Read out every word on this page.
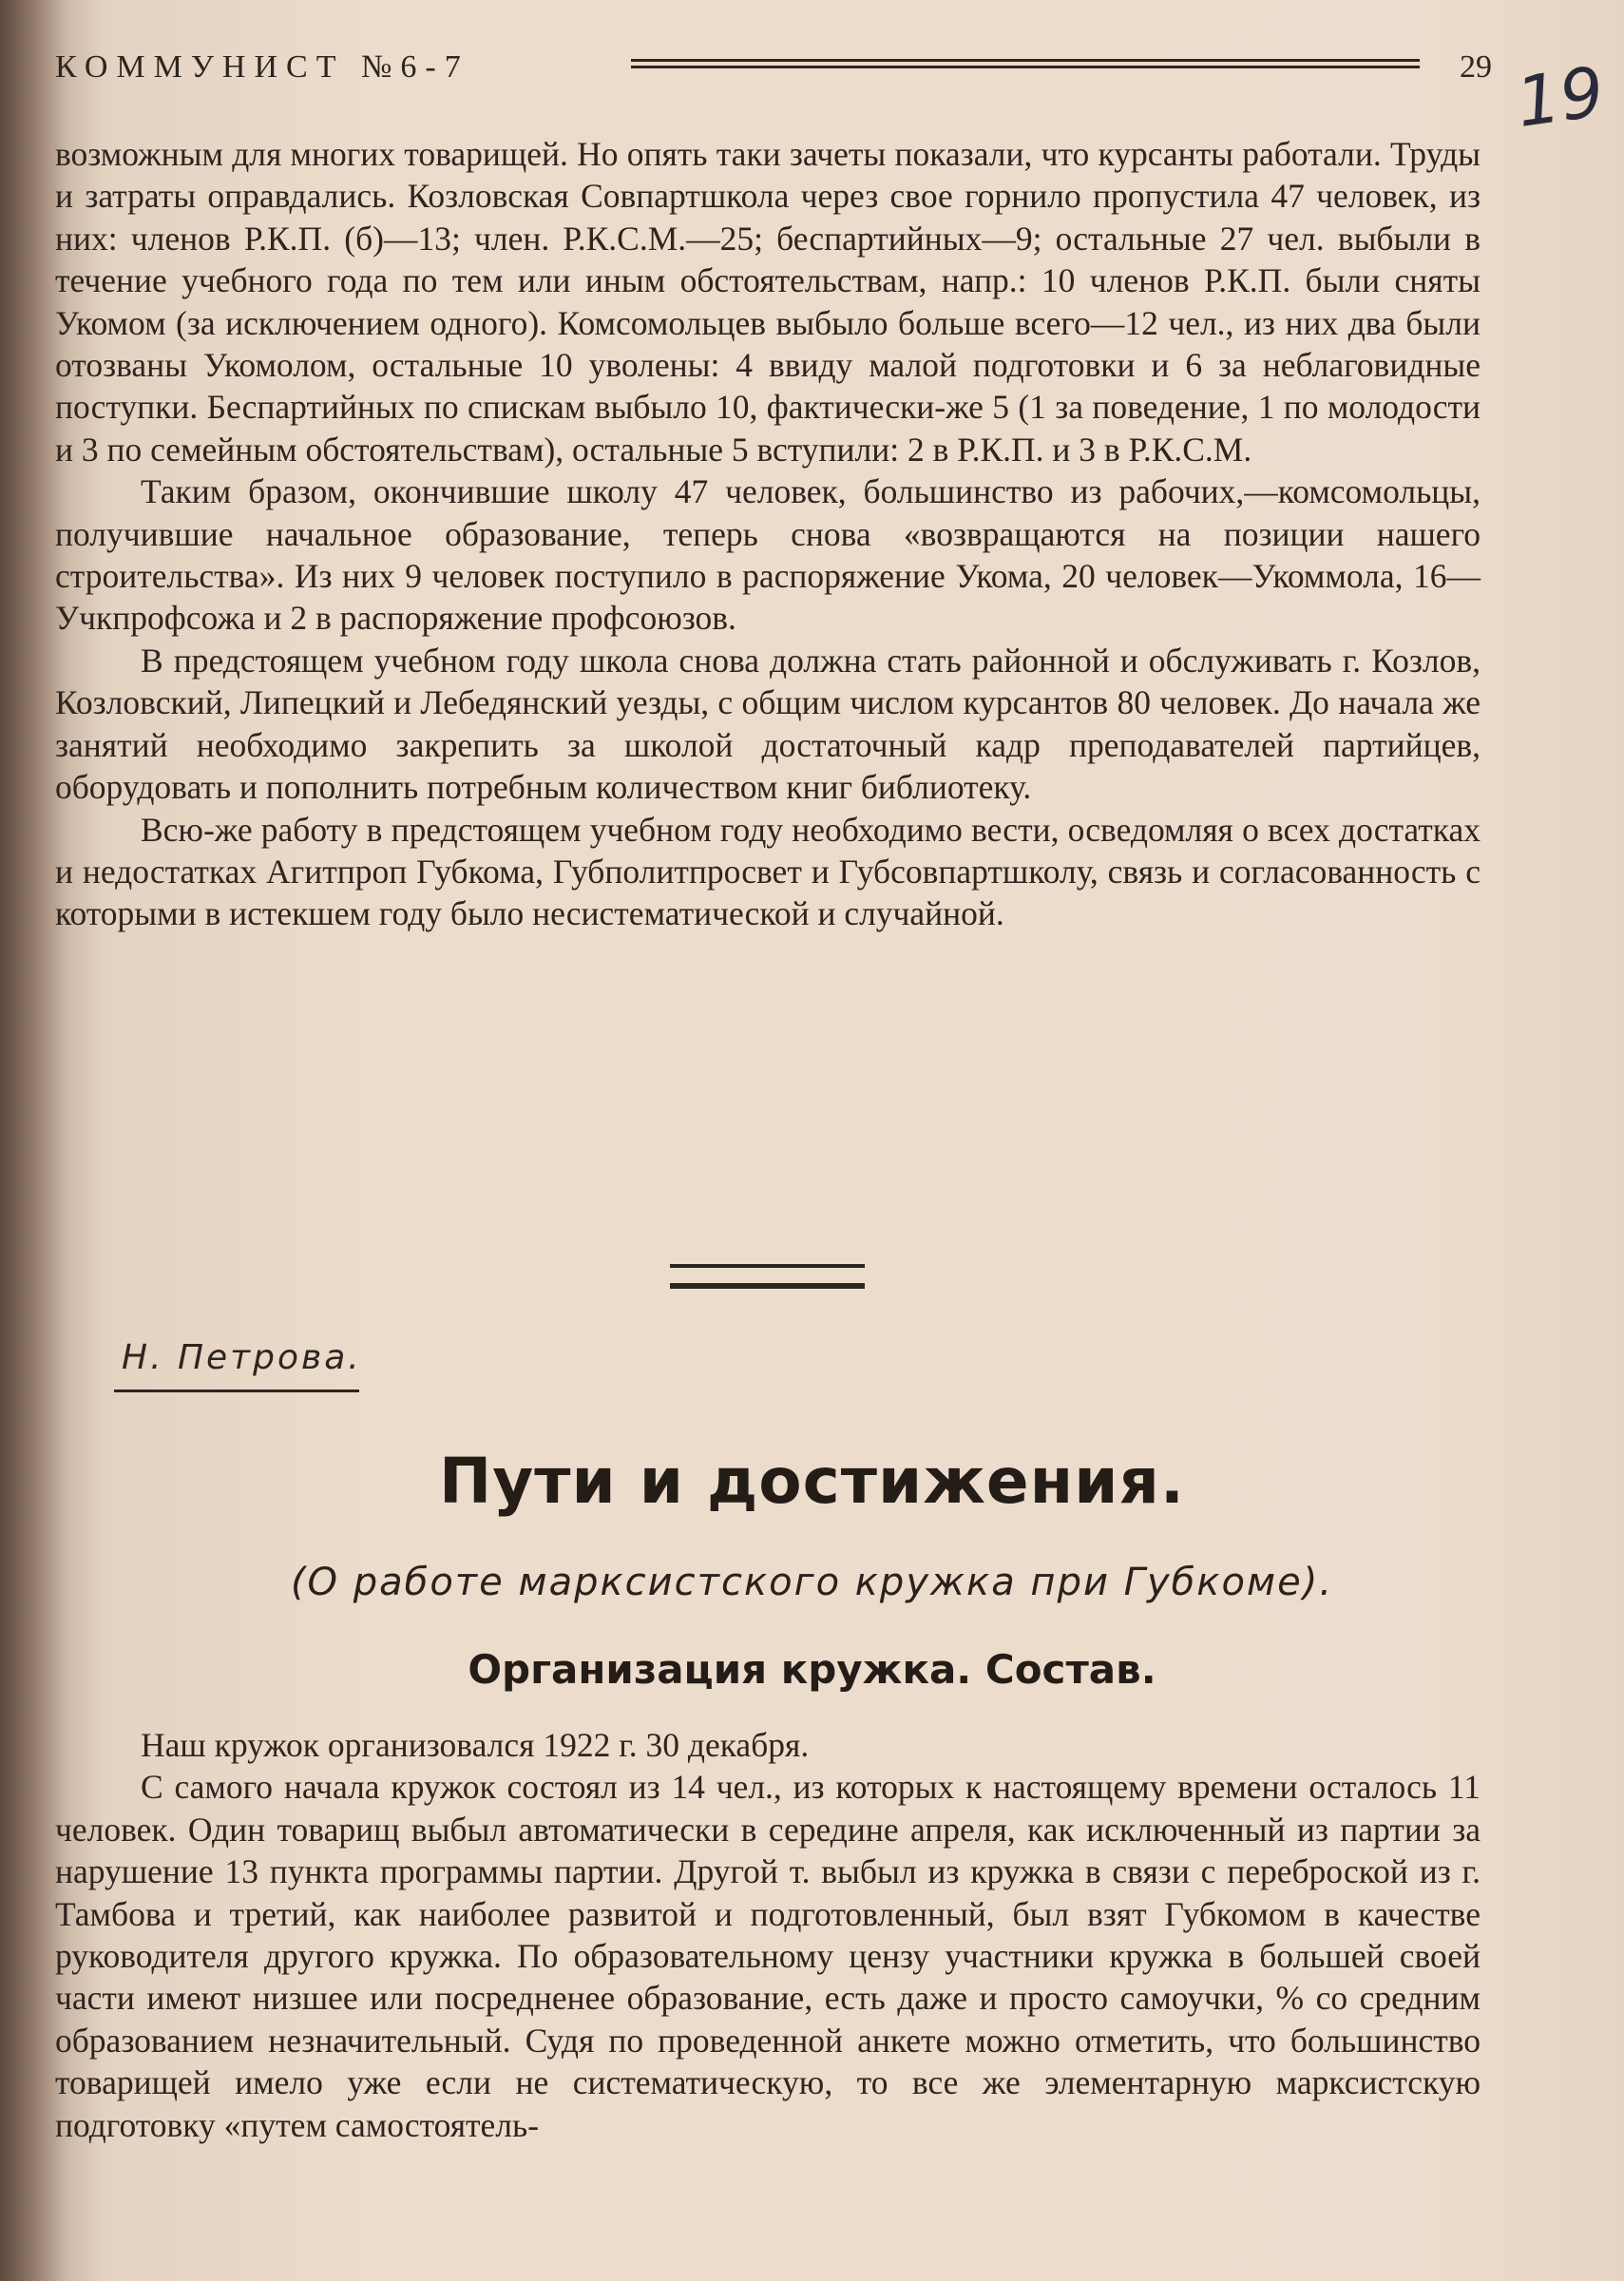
КОММУНИСТ №6-7	29 19

возможным для многих товарищей. Но опять таки зачеты показали, что курсанты работали. Труды и затраты оправдались. Козловская Совпартшкола через свое горнило пропустила 47 человек, из них: членов Р.К.П. (б)—13; член. Р.К.С.М.—25; беспартийных—9; остальные 27 чел. выбыли в течение учебного года по тем или иным обстоятельствам, напр.: 10 членов Р.К.П. были сняты Укомом (за исключением одного). Комсомольцев выбыло больше всего—12 чел., из них два были отозваны Укомолом, остальные 10 уволены: 4 ввиду малой подготовки и 6 за неблаговидные поступки. Беспартийных по спискам выбыло 10, фактически-же 5 (1 за поведение, 1 по молодости и 3 по семейным обстоятельствам), остальные 5 вступили: 2 в Р.К.П. и 3 в Р.К.С.М.

Таким бразом, окончившие школу 47 человек, большинство из рабочих,—комсомольцы, получившие начальное образование, теперь снова «возвращаются на позиции нашего строительства». Из них 9 человек поступило в распоряжение Укома, 20 человек—Укоммола, 16—Учкпрофсожа и 2 в распоряжение профсоюзов.

В предстоящем учебном году школа снова должна стать районной и обслуживать г. Козлов, Козловский, Липецкий и Лебедянский уезды, с общим числом курсантов 80 человек. До начала же занятий необходимо закрепить за школой достаточный кадр преподавателей партийцев, оборудовать и пополнить потребным количеством книг библиотеку.

Всю-же работу в предстоящем учебном году необходимо вести, осведомляя о всех достатках и недостатках Агитпроп Губкома, Губполитпросвет и Губсовпартшколу, связь и согласованность с которыми в истекшем году было несистематической и случайной.

Н. Петрова.
Пути и достижения.
(О работе марксистского кружка при Губкоме).
Организация кружка. Состав.

Наш кружок организовался 1922 г. 30 декабря.

С самого начала кружок состоял из 14 чел., из которых к настоящему времени осталось 11 человек. Один товарищ выбыл автоматически в середине апреля, как исключенный из партии за нарушение 13 пункта программы партии. Другой т. выбыл из кружка в связи с переброской из г. Тамбова и третий, как наиболее развитой и подготовленный, был взят Губкомом в качестве руководителя другого кружка. По образовательному цензу участники кружка в большей своей части имеют низшее или посредненее образование, есть даже и просто самоучки, % со средним образованием незначительный. Судя по проведенной анкете можно отметить, что большинство товарищей имело уже если не систематическую, то все же элементарную марксистскую подготовку «путем самостоятель-
